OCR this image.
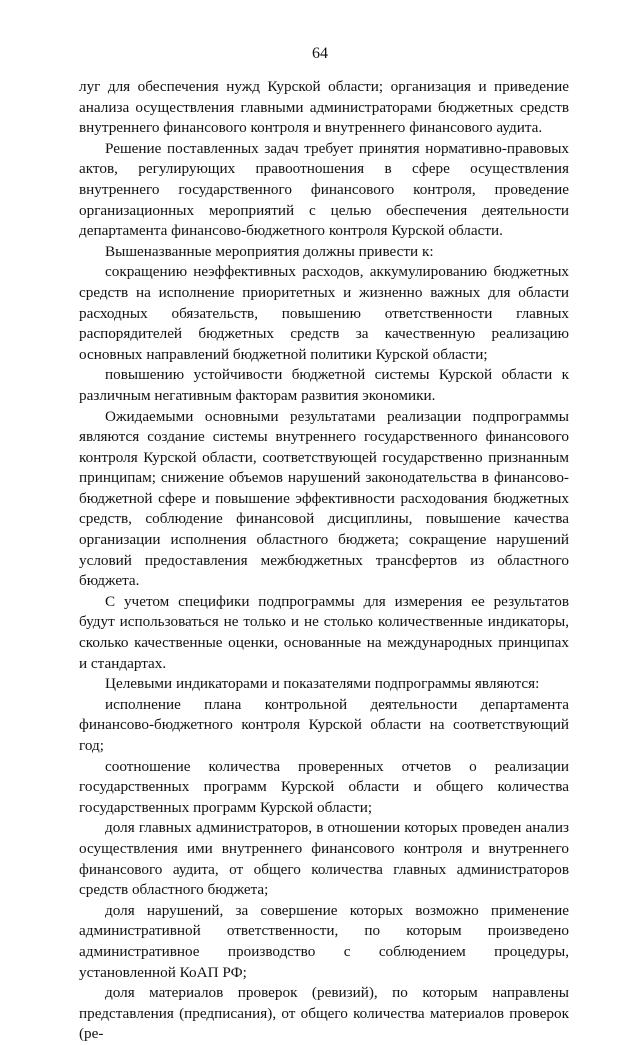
64

луг для обеспечения нужд Курской области; организация и приведение анализа осуществления главными администраторами бюджетных средств внутреннего финансового контроля и внутреннего финансового аудита.

Решение поставленных задач требует принятия нормативно-правовых актов, регулирующих правоотношения в сфере осуществления внутреннего государственного финансового контроля, проведение организационных мероприятий с целью обеспечения деятельности департамента финансово-бюджетного контроля Курской области.

Вышеназванные мероприятия должны привести к:

сокращению неэффективных расходов, аккумулированию бюджетных средств на исполнение приоритетных и жизненно важных для области расходных обязательств, повышению ответственности главных распорядителей бюджетных средств за качественную реализацию основных направлений бюджетной политики Курской области;

повышению устойчивости бюджетной системы Курской области к различным негативным факторам развития экономики.

Ожидаемыми основными результатами реализации подпрограммы являются создание системы внутреннего государственного финансового контроля Курской области, соответствующей государственно признанным принципам; снижение объемов нарушений законодательства в финансово-бюджетной сфере и повышение эффективности расходования бюджетных средств, соблюдение финансовой дисциплины, повышение качества организации исполнения областного бюджета; сокращение нарушений условий предоставления межбюджетных трансфертов из областного бюджета.

С учетом специфики подпрограммы для измерения ее результатов будут использоваться не только и не столько количественные индикаторы, сколько качественные оценки, основанные на международных принципах и стандартах.

Целевыми индикаторами и показателями подпрограммы являются:

исполнение плана контрольной деятельности департамента финансово-бюджетного контроля Курской области на соответствующий год;

соотношение количества проверенных отчетов о реализации государственных программ Курской области и общего количества государственных программ Курской области;

доля главных администраторов, в отношении которых проведен анализ осуществления ими внутреннего финансового контроля и внутреннего финансового аудита, от общего количества главных администраторов средств областного бюджета;

доля нарушений, за совершение которых возможно применение административной ответственности, по которым произведено административное производство с соблюдением процедуры, установленной КоАП РФ;

доля материалов проверок (ревизий), по которым направлены представления (предписания), от общего количества материалов проверок (ре-
